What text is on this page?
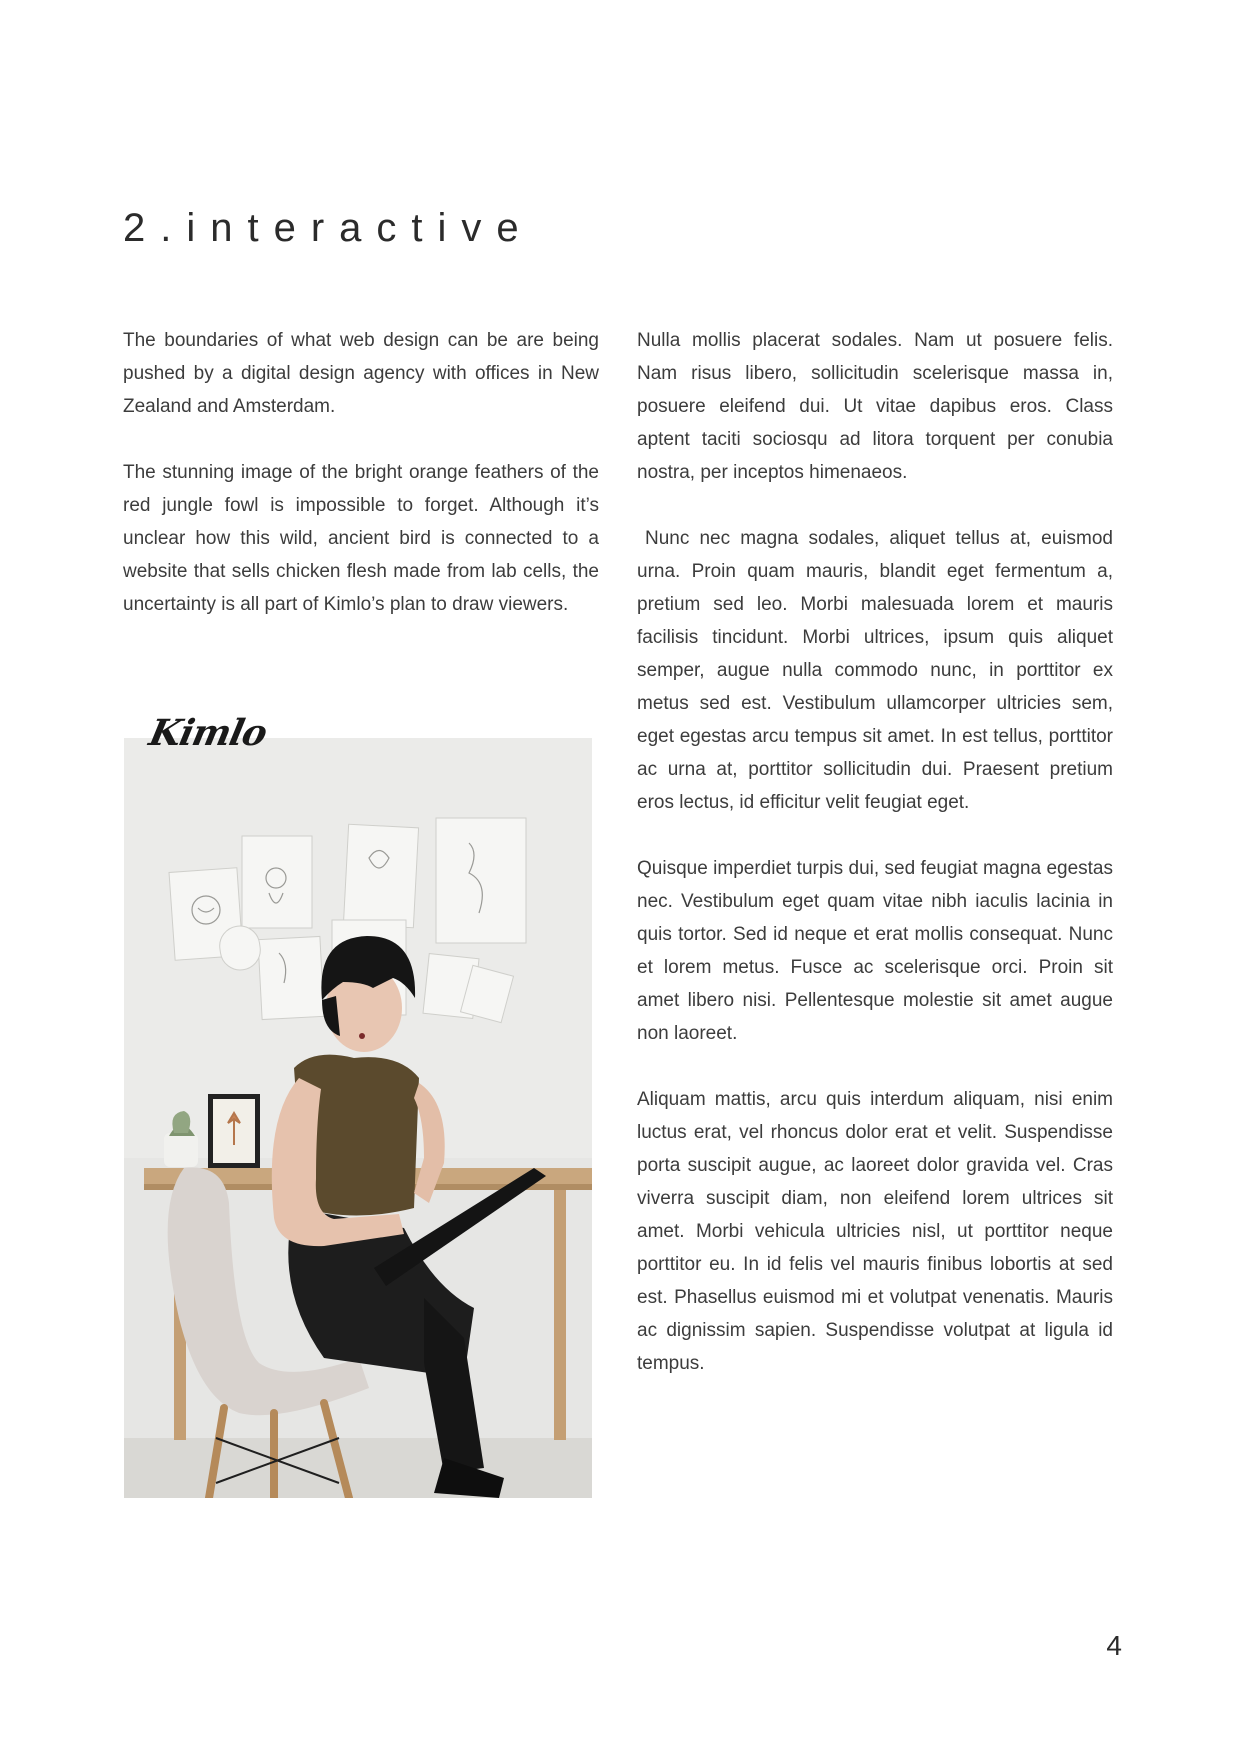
2.interactive

The boundaries of what web design can be are being pushed by a digital design agency with offices in New Zealand and Amsterdam.

The stunning image of the bright orange feathers of the red jungle fowl is impossible to forget. Although it’s unclear how this wild, ancient bird is connected to a website that sells chicken flesh made from lab cells, the uncertainty is all part of Kimlo’s plan to draw viewers.

Nulla mollis placerat sodales. Nam ut posuere felis. Nam risus libero, sollicitudin scelerisque massa in, posuere eleifend dui. Ut vitae dapibus eros. Class aptent taciti sociosqu ad litora torquent per conubia nostra, per inceptos himenaeos.

Nunc nec magna sodales, aliquet tellus at, euismod urna. Proin quam mauris, blandit eget fermentum a, pretium sed leo. Morbi malesuada lorem et mauris facilisis tincidunt. Morbi ultrices, ipsum quis aliquet semper, augue nulla commodo nunc, in porttitor ex metus sed est. Vestibulum ullamcorper ultricies sem, eget egestas arcu tempus sit amet. In est tellus, porttitor ac urna at, porttitor sollicitudin dui. Praesent pretium eros lectus, id efficitur velit feugiat eget.

Quisque imperdiet turpis dui, sed feugiat magna egestas nec. Vestibulum eget quam vitae nibh iaculis lacinia in quis tortor. Sed id neque et erat mollis consequat. Nunc et lorem metus. Fusce ac scelerisque orci. Proin sit amet libero nisi. Pellentesque molestie sit amet augue non laoreet.

Aliquam mattis, arcu quis interdum aliquam, nisi enim luctus erat, vel rhoncus dolor erat et velit. Suspendisse porta suscipit augue, ac laoreet dolor gravida vel. Cras viverra suscipit diam, non eleifend lorem ultrices sit amet. Morbi vehicula ultricies nisl, ut porttitor neque porttitor eu. In id felis vel mauris finibus lobortis at sed est. Phasellus euismod mi et volutpat venenatis. Mauris ac dignissim sapien. Suspendisse volutpat at ligula id tempus.

Kimlo
4
